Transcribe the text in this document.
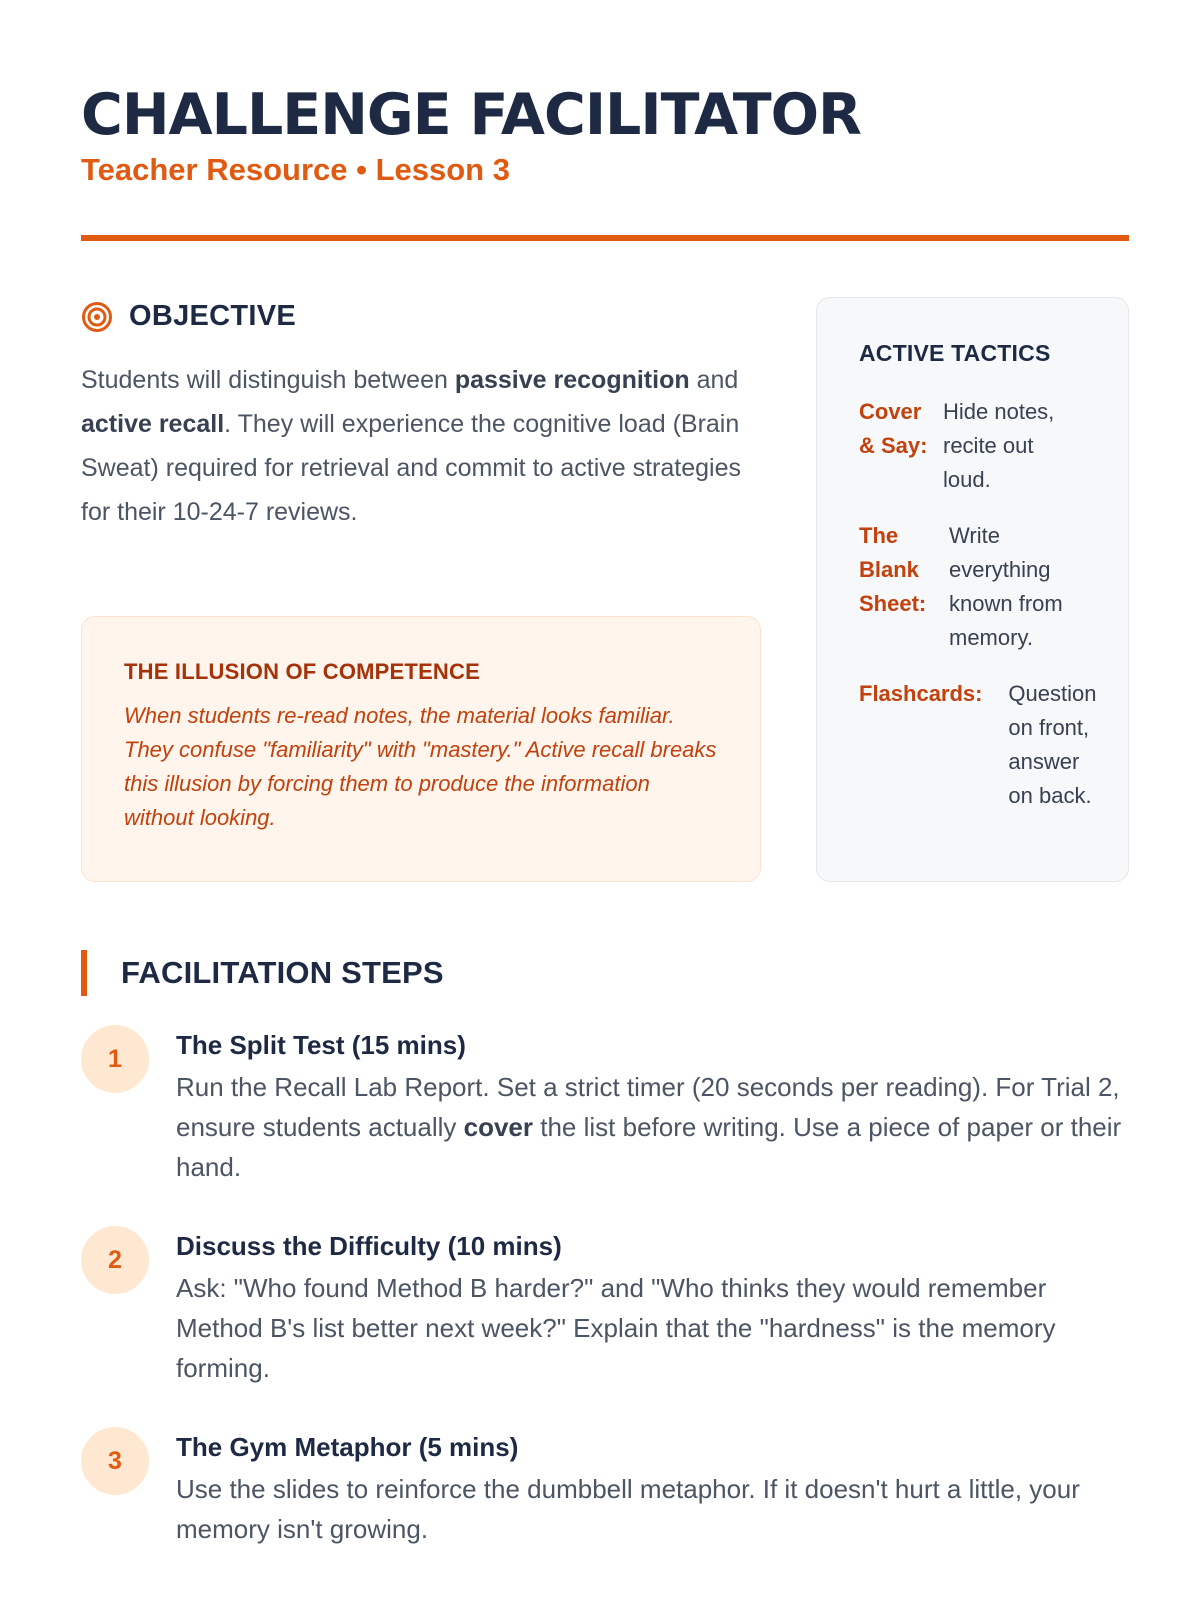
CHALLENGE FACILITATOR
Teacher Resource • Lesson 3
OBJECTIVE
Students will distinguish between passive recognition and active recall. They will experience the cognitive load (Brain Sweat) required for retrieval and commit to active strategies for their 10-24-7 reviews.
THE ILLUSION OF COMPETENCE
When students re-read notes, the material looks familiar. They confuse "familiarity" with "mastery." Active recall breaks this illusion by forcing them to produce the information without looking.
ACTIVE TACTICS
Cover & Say:
Hide notes, recite out loud.
The Blank Sheet:
Write everything known from memory.
Flashcards:	Question on front, answer on back.
FACILITATION STEPS
1	The Split Test (15 mins)
Run the Recall Lab Report. Set a strict timer (20 seconds per reading). For Trial 2, ensure students actually cover the list before writing. Use a piece of paper or their hand.
2	Discuss the Difficulty (10 mins)
Ask: "Who found Method B harder?" and "Who thinks they would remember Method B's list better next week?" Explain that the "hardness" is the memory forming.
3	The Gym Metaphor (5 mins)
Use the slides to reinforce the dumbbell metaphor. If it doesn't hurt a little, your memory isn't growing.
